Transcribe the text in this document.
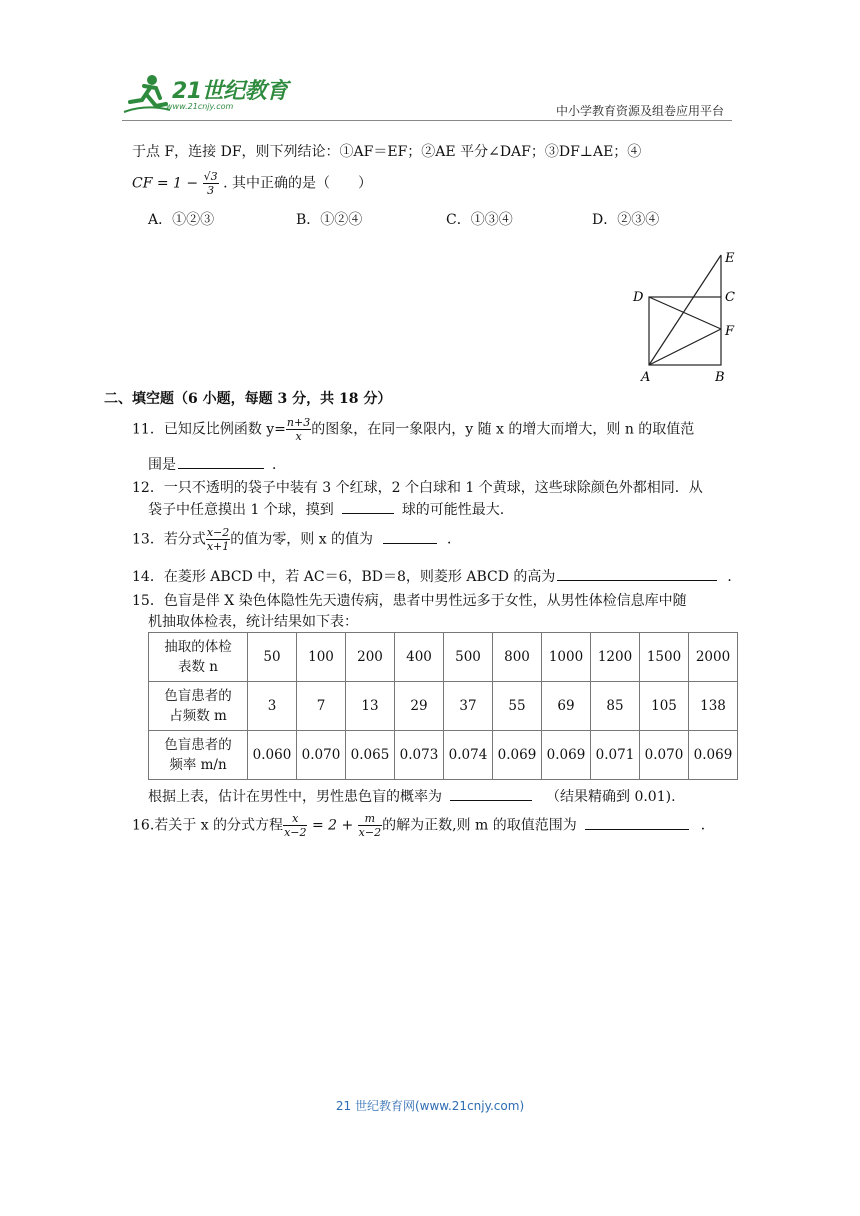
21世纪教育
www.21cnjy.com	中小学教育资源及组卷应用平台
于点 F，连接 DF，则下列结论：①AF＝EF；②AE 平分∠DAF；③DF⊥AE；④
CF = $1 - \frac{√3}{3}$ . 其中正确的是（　　）
A．①②③	B．①②④	C．①③④	D．②③④
E
C
D
F
A	B
二、填空题（6 小题，每题 3 分，共 18 分）
11．已知反比例函数 $y= \frac{n+3}{x}$ 的图象，在同一象限内，y 随 x 的增大而增大，则 n 的取值范
围是	．
12．一只不透明的袋子中装有 3 个红球，2 个白球和 1 个黄球，这些球除颜色外都相同．从
袋子中任意摸出 1 个球，摸到	球的可能性最大.
13．若分式 $\frac{x-2}{x+1}$ 的值为零，则 x 的值为	．
14．在菱形 ABCD 中，若 AC＝6，BD＝8，则菱形 ABCD 的高为	．
15．色盲是伴 X 染色体隐性先天遗传病，患者中男性远多于女性，从男性体检信息库中随
机抽取体检表，统计结果如下表：
抽取的体检
表数 n	50	100	200	400	500	800	1000	1200	1500	2000
色盲患者的
占频数 m	3	7	13	29	37	55	69	85	105	138
色盲患者的
频率 m/n	0.060	0.070	0.065	0.073	0.074	0.069	0.069	0.071	0.070	0.069
根据上表，估计在男性中，男性患色盲的概率为	（结果精确到 0.01).
16.若关于 x 的分式方程 $\frac{x}{x-2} = 2 + \frac{m}{x-2}$ 的解为正数,则 m 的取值范围为	．
21 世纪教育网(www.21cnjy.com)
